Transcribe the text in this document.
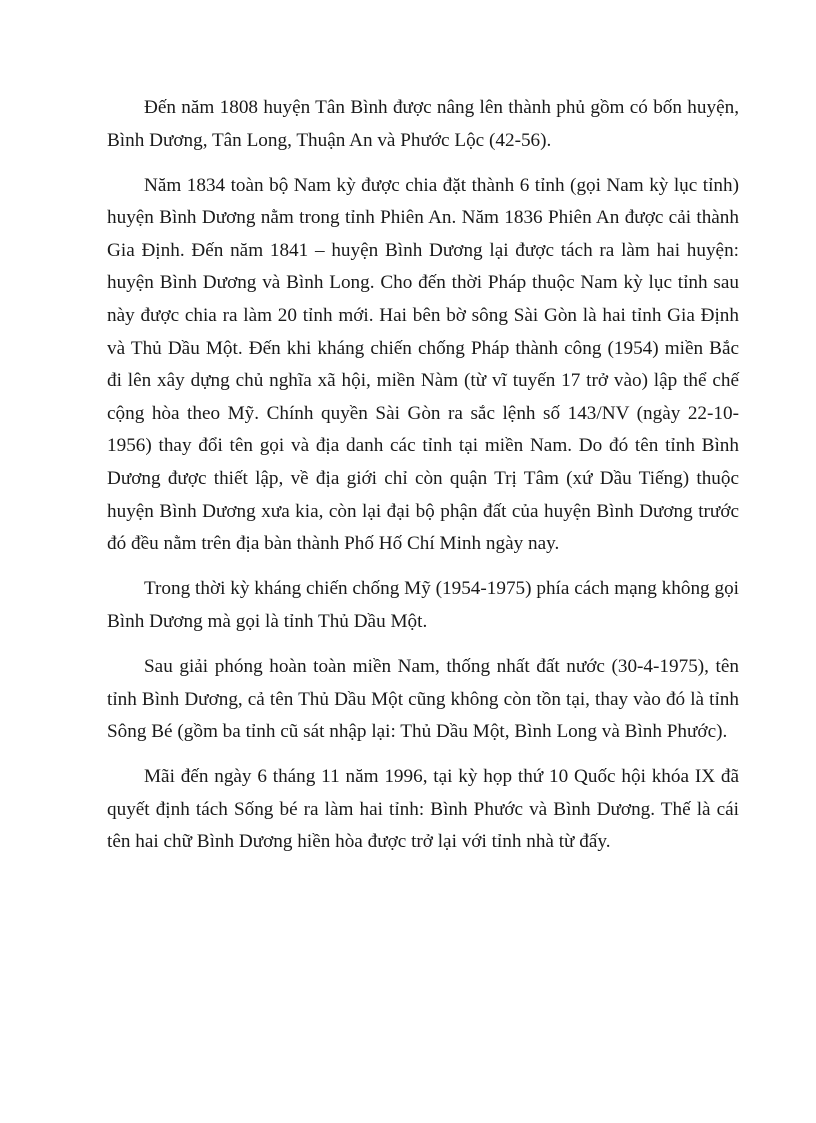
Đến năm 1808 huyện Tân Bình được nâng lên thành phủ gồm có bốn huyện, Bình Dương, Tân Long, Thuận An và Phước Lộc (42-56).

Năm 1834 toàn bộ Nam kỳ được chia đặt thành 6 tỉnh (gọi Nam kỳ lục tỉnh) huyện Bình Dương nằm trong tỉnh Phiên An. Năm 1836 Phiên An được cải thành Gia Định. Đến năm 1841 – huyện Bình Dương lại được tách ra làm hai huyện: huyện Bình Dương và Bình Long. Cho đến thời Pháp thuộc Nam kỳ lục tỉnh sau này được chia ra làm 20 tỉnh mới. Hai bên bờ sông Sài Gòn là hai tỉnh Gia Định và Thủ Dầu Một. Đến khi kháng chiến chống Pháp thành công (1954) miền Bắc đi lên xây dựng chủ nghĩa xã hội, miền Nàm (từ vĩ tuyến 17 trở vào) lập thể chế cộng hòa theo Mỹ. Chính quyền Sài Gòn ra sắc lệnh số 143/NV (ngày 22-10-1956) thay đổi tên gọi và địa danh các tỉnh tại miền Nam. Do đó tên tỉnh Bình Dương được thiết lập, về địa giới chỉ còn quận Trị Tâm (xứ Dầu Tiếng) thuộc huyện Bình Dương xưa kia, còn lại đại bộ phận đất của huyện Bình Dương trước đó đều nằm trên địa bàn thành Phố Hố Chí Minh ngày nay.

Trong thời kỳ kháng chiến chống Mỹ (1954-1975) phía cách mạng không gọi Bình Dương mà gọi là tỉnh Thủ Dầu Một.

Sau giải phóng hoàn toàn miền Nam, thống nhất đất nước (30-4-1975), tên tỉnh Bình Dương, cả tên Thủ Dầu Một cũng không còn tồn tại, thay vào đó là tỉnh Sông Bé (gồm ba tỉnh cũ sát nhập lại: Thủ Dầu Một, Bình Long và Bình Phước).

Mãi đến ngày 6 tháng 11 năm 1996, tại kỳ họp thứ 10 Quốc hội khóa IX đã quyết định tách Sống bé ra làm hai tỉnh: Bình Phước và Bình Dương. Thế là cái tên hai chữ Bình Dương hiền hòa được trở lại với tỉnh nhà từ đấy.
